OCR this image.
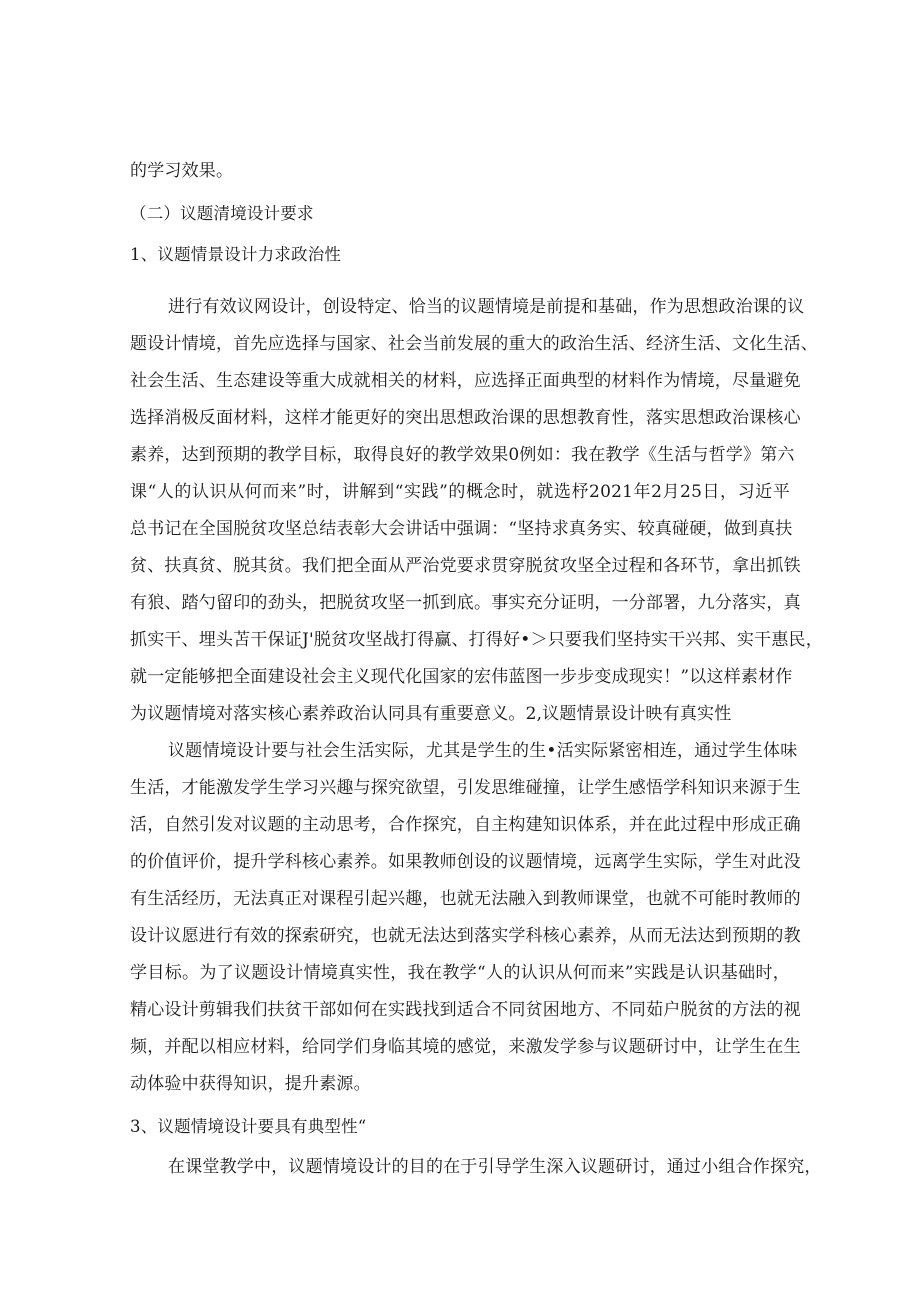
的学习效果。
（二）议题清境设计要求
1、议题情景设计力求政治性
进行有效议网设计，创设特定、恰当的议题情境是前提和基础，作为思想政治课的议
题设计情境，首先应选择与国家、社会当前发展的重大的政治生活、经济生活、文化生活、
社会生活、生态建设等重大成就相关的材料，应选择正面典型的材料作为情境，尽量避免
选择消极反面材料，这样才能更好的突出思想政治课的思想教育性，落实思想政治课核心
素养，达到预期的教学目标，取得良好的教学效果0例如：我在教学《生活与哲学》第六
课“人的认识从何而来”时，讲解到“实践”的概念时，就选杼2021年2月25日，习近平
总书记在全国脱贫攻坚总结表彰大会讲话中强调：“坚持求真务实、较真碰硬，做到真扶
贫、扶真贫、脱其贫。我们把全面从严治党要求贯穿脱贫攻坚全过程和各环节，拿出抓铁
有狼、踏勺留印的劲头，把脱贫攻坚一抓到底。事实充分证明，一分部署，九分落实，真
抓实干、埋头苫干保证J'脱贫攻坚战打得赢、打得好•＞只要我们坚持实干兴邦、实干惠民，
就一定能够把全面建设社会主义现代化国家的宏伟蓝图一步步变成现实！”以这样素材作
为议题情境对落实核心素养政治认同具有重要意义。2,议题情景设计映有真实性
议题情境设计要与社会生活实际，尤其是学生的生•活实际紧密相连，通过学生体味
生活，才能激发学生学习兴趣与探究欲望，引发思维碰撞，让学生感悟学科知识来源于生
活，自然引发对议题的主动思考，合作探究，自主构建知识体系，并在此过程中形成正确
的价值评价，提升学科核心素养。如果教师创设的议题情境，远离学生实际，学生对此没
有生活经历，无法真正对课程引起兴趣，也就无法融入到教师课堂，也就不可能时教师的
设计议愿进行有效的探索研究，也就无法达到落实学科核心素养，从而无法达到预期的教
学目标。为了议题设计情境真实性，我在教学“人的认识从何而来”实践是认识基础时，
精心设计剪辑我们扶贫干部如何在实践找到适合不同贫困地方、不同茹户脱贫的方法的视
频，并配以相应材料，给同学们身临其境的感觉，来激发学参与议题研讨中，让学生在生
动体验中获得知识，提升素源。
3、议题情境设计要具有典型性“
在课堂教学中，议题情境设计的目的在于引导学生深入议题研讨，通过小组合作探究，
